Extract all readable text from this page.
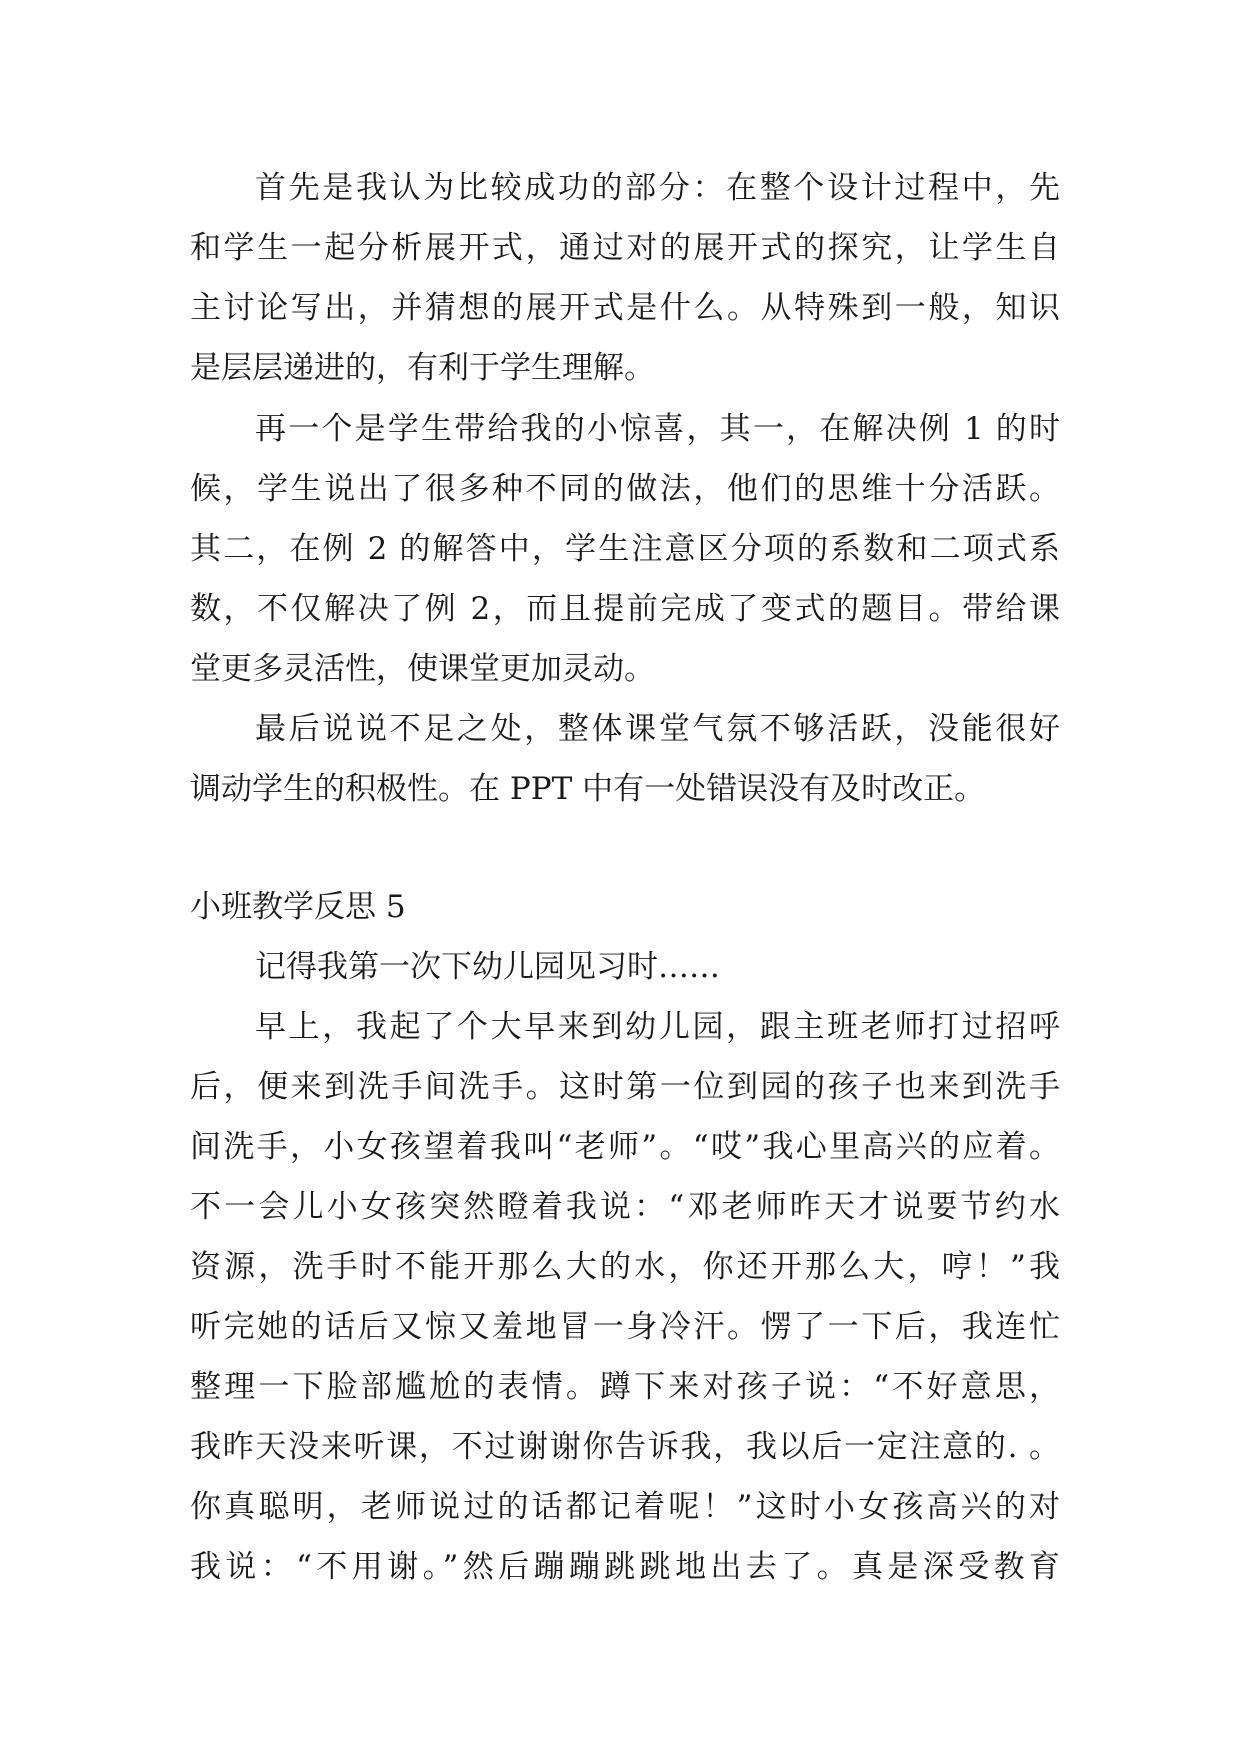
首先是我认为比较成功的部分：在整个设计过程中，先
和学生一起分析展开式，通过对的展开式的探究，让学生自
主讨论写出，并猜想的展开式是什么。从特殊到一般，知识
是层层递进的，有利于学生理解。
再一个是学生带给我的小惊喜，其一，在解决例 1 的时
候，学生说出了很多种不同的做法，他们的思维十分活跃。
其二，在例 2 的解答中，学生注意区分项的系数和二项式系
数，不仅解决了例 2，而且提前完成了变式的题目。带给课
堂更多灵活性，使课堂更加灵动。
最后说说不足之处，整体课堂气氛不够活跃，没能很好
调动学生的积极性。在 PPT 中有一处错误没有及时改正。
小班教学反思 5
记得我第一次下幼儿园见习时……
早上，我起了个大早来到幼儿园，跟主班老师打过招呼
后，便来到洗手间洗手。这时第一位到园的孩子也来到洗手
间洗手，小女孩望着我叫“老师”。“哎”我心里高兴的应着。
不一会儿小女孩突然瞪着我说：“邓老师昨天才说要节约水
资源，洗手时不能开那么大的水，你还开那么大，哼！”我
听完她的话后又惊又羞地冒一身冷汗。愣了一下后，我连忙
整理一下脸部尴尬的表情。蹲下来对孩子说：“不好意思，
我昨天没来听课，不过谢谢你告诉我，我以后一定注意的. 。
你真聪明，老师说过的话都记着呢！”这时小女孩高兴的对
我说：“不用谢。”然后蹦蹦跳跳地出去了。真是深受教育
